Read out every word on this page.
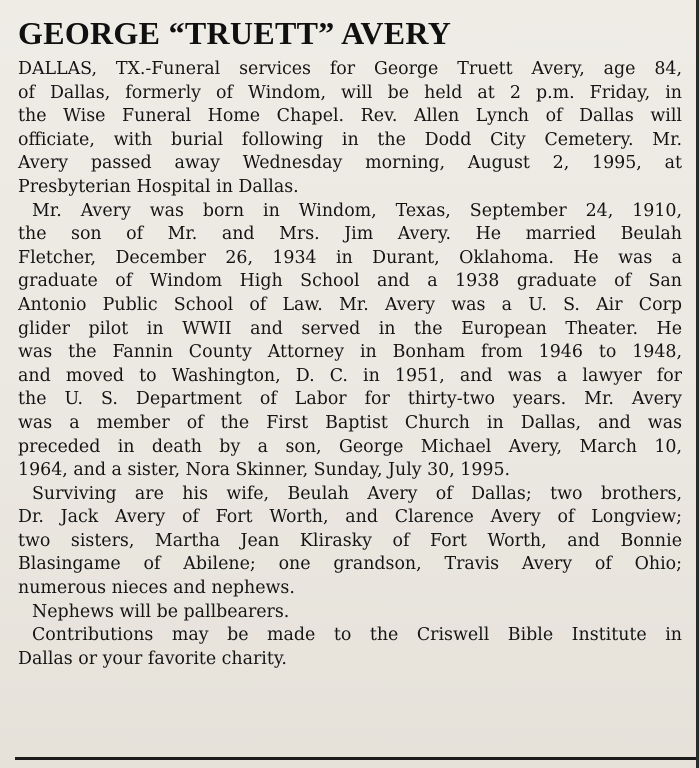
GEORGE “TRUETT” AVERY
DALLAS, TX.-Funeral services for George Truett Avery, age 84,
of Dallas, formerly of Windom, will be held at 2 p.m. Friday, in
the Wise Funeral Home Chapel. Rev. Allen Lynch of Dallas will
officiate, with burial following in the Dodd City Cemetery. Mr.
Avery passed away Wednesday morning, August 2, 1995, at
Presbyterian Hospital in Dallas.
Mr. Avery was born in Windom, Texas, September 24, 1910,
the son of Mr. and Mrs. Jim Avery. He married Beulah
Fletcher, December 26, 1934 in Durant, Oklahoma. He was a
graduate of Windom High School and a 1938 graduate of San
Antonio Public School of Law. Mr. Avery was a U. S. Air Corp
glider pilot in WWII and served in the European Theater. He
was the Fannin County Attorney in Bonham from 1946 to 1948,
and moved to Washington, D. C. in 1951, and was a lawyer for
the U. S. Department of Labor for thirty-two years. Mr. Avery
was a member of the First Baptist Church in Dallas, and was
preceded in death by a son, George Michael Avery, March 10,
1964, and a sister, Nora Skinner, Sunday, July 30, 1995.
Surviving are his wife, Beulah Avery of Dallas; two brothers,
Dr. Jack Avery of Fort Worth, and Clarence Avery of Longview;
two sisters, Martha Jean Klirasky of Fort Worth, and Bonnie
Blasingame of Abilene; one grandson, Travis Avery of Ohio;
numerous nieces and nephews.
Nephews will be pallbearers.
Contributions may be made to the Criswell Bible Institute in
Dallas or your favorite charity.
